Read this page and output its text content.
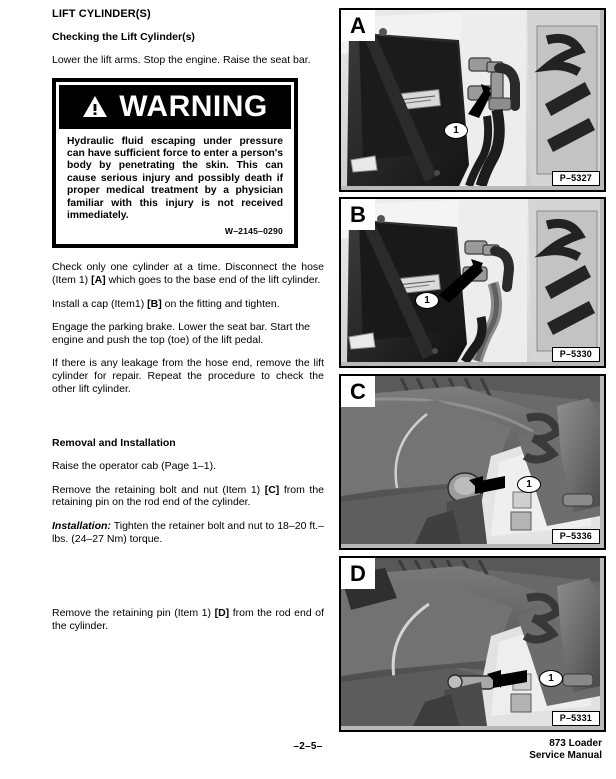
LIFT CYLINDER(S)
Checking the Lift Cylinder(s)

Lower the lift arms. Stop the engine. Raise the seat bar.

WARNING

Hydraulic fluid escaping under pressure can have sufficient force to enter a person's body by penetrating the skin. This can cause serious injury and possibly death if proper medical treatment by a physician familiar with this injury is not received immediately.

W–2145–0290

Check only one cylinder at a time. Disconnect the hose (Item 1) [A] which goes to the base end of the lift cylinder.

Install a cap (Item1) [B] on the fitting and tighten.

Engage the parking brake. Lower the seat bar. Start the engine and push the top (toe) of the lift pedal.

If there is any leakage from the hose end, remove the lift cylinder for repair. Repeat the procedure to check the other lift cylinder.

Removal and Installation

Raise the operator cab (Page 1–1).

Remove the retaining bolt and nut (Item 1) [C] from the retaining pin on the rod end of the cylinder.

Installation: Tighten the retainer bolt and nut to 18–20 ft.–lbs. (24–27 Nm) torque.

Remove the retaining pin (Item 1) [D] from the rod end of the cylinder.

A
1
P–5327
B
1
P–5330
C
1
P–5336
D
1
P–5331
–2–5–	873 Loader
Service Manual
